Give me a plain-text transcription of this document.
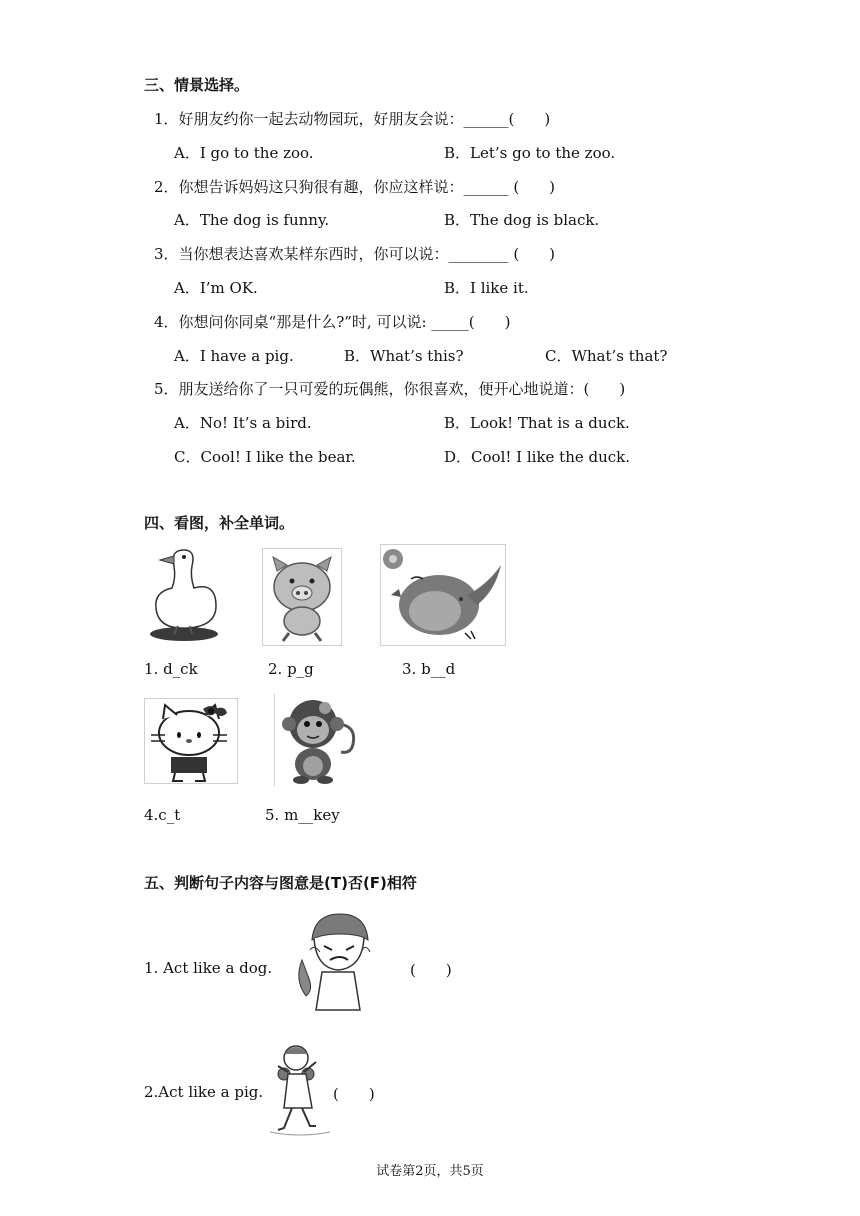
三、情景选择。
1．好朋友约你一起去动物园玩，好朋友会说：______(　　)
A．I go to the zoo.	B．Let’s go to the zoo.
2．你想告诉妈妈这只狗很有趣，你应这样说：______ (　　)
A．The dog is funny.	B．The dog is black.
3．当你想表达喜欢某样东西时，你可以说：________ (　　)
A．I’m OK.	B．I like it.
4．你想问你同桌“那是什么?”时, 可以说: _____(　　)
A．I have a pig.	B．What’s this?	C．What’s that?
5．朋友送给你了一只可爱的玩偶熊，你很喜欢，便开心地说道：(　　)
A．No! It’s a bird.	B．Look! That is a duck.
C．Cool! I like the bear.	D．Cool! I like the duck.
四、看图，补全单词。
1. d_ck	2. p_g	3. b__d
4.c_t	5. m__key
五、判断句子内容与图意是(T)否(F)相符
1. Act like a dog.	(　　)
2.Act like a pig.	(　　)
试卷第2页，共5页
